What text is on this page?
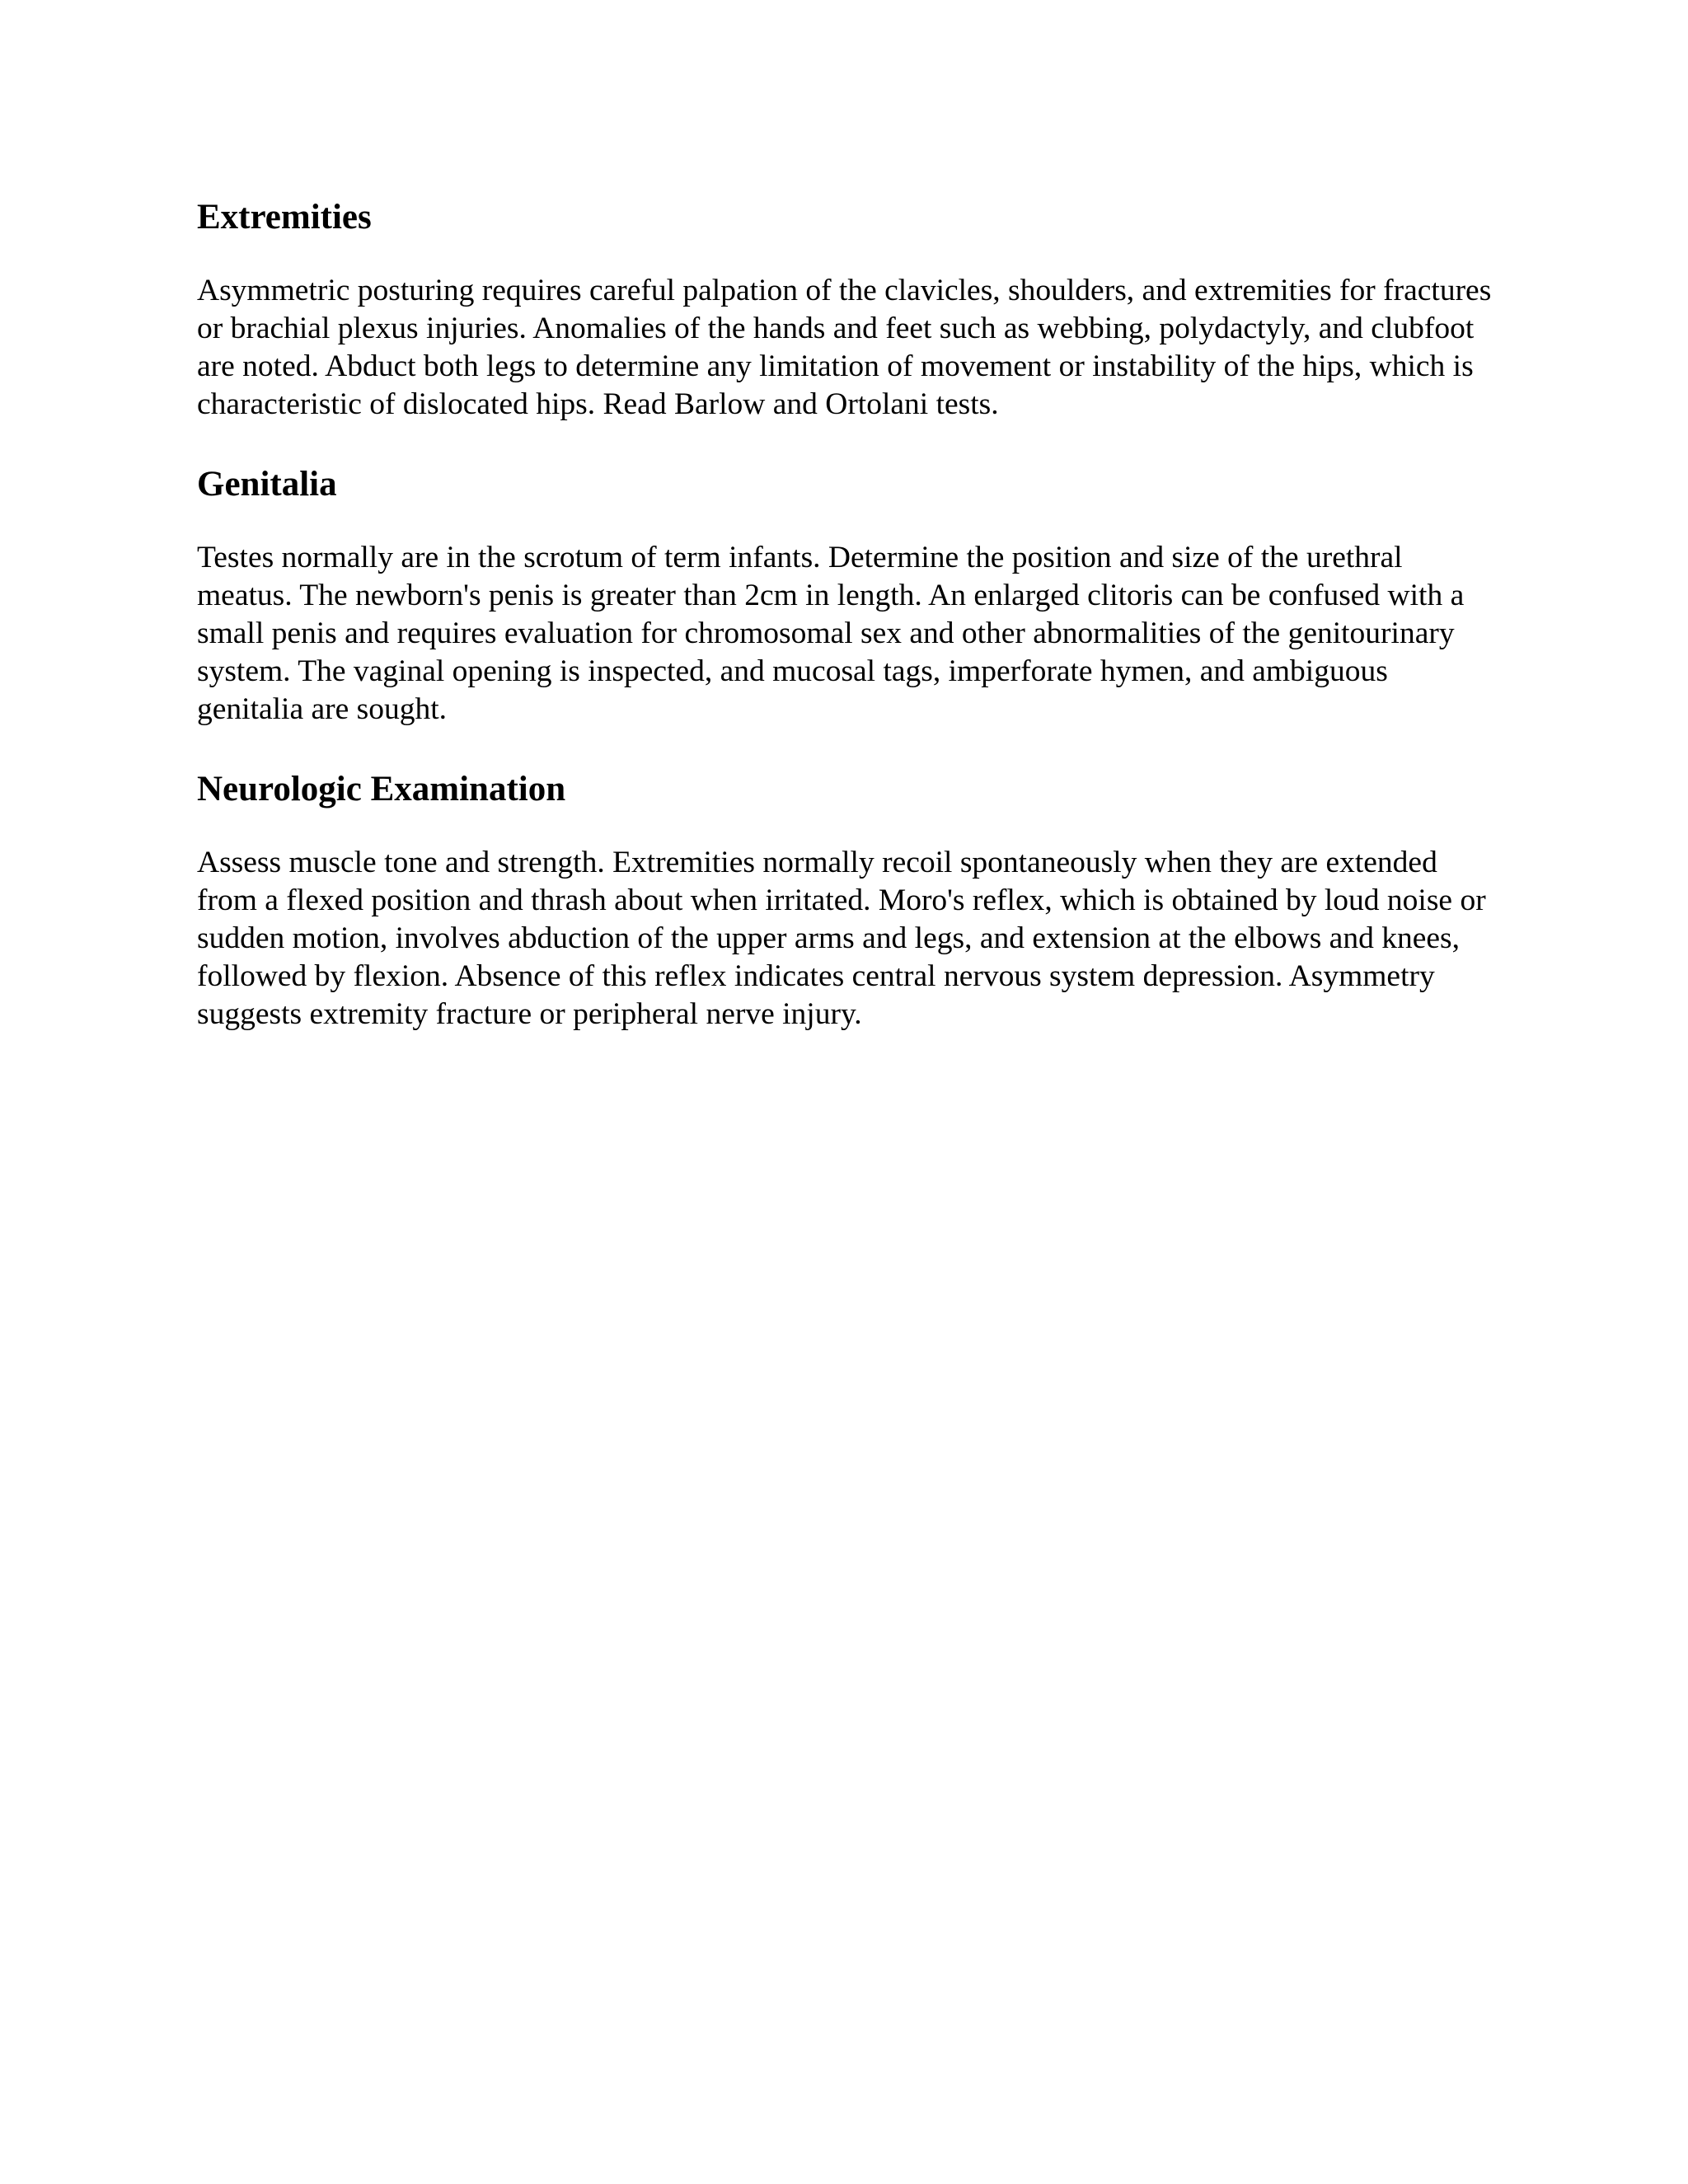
Extremities

Asymmetric posturing requires careful palpation of the clavicles, shoulders, and extremities for fractures or brachial plexus injuries. Anomalies of the hands and feet such as webbing, polydactyly, and clubfoot are noted. Abduct both legs to determine any limitation of movement or instability of the hips, which is characteristic of dislocated hips. Read Barlow and Ortolani tests.

Genitalia

Testes normally are in the scrotum of term infants. Determine the position and size of the urethral meatus. The newborn's penis is greater than 2cm in length. An enlarged clitoris can be confused with a small penis and requires evaluation for chromosomal sex and other abnormalities of the genitourinary system. The vaginal opening is inspected, and mucosal tags, imperforate hymen, and ambiguous genitalia are sought.

Neurologic Examination

Assess muscle tone and strength. Extremities normally recoil spontaneously when they are extended from a flexed position and thrash about when irritated. Moro's reflex, which is obtained by loud noise or sudden motion, involves abduction of the upper arms and legs, and extension at the elbows and knees, followed by flexion. Absence of this reflex indicates central nervous system depression. Asymmetry suggests extremity fracture or peripheral nerve injury.
